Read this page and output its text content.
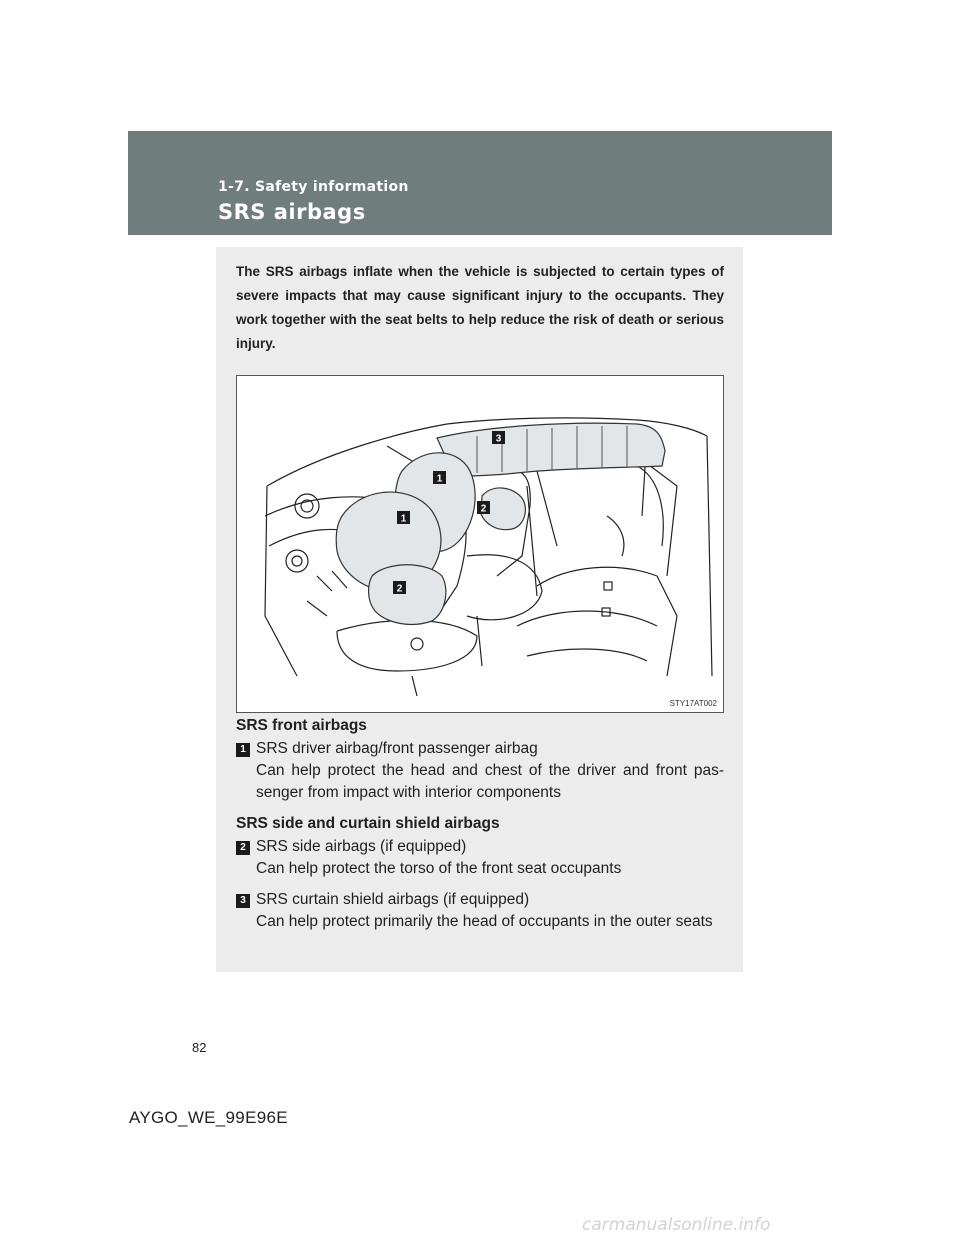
1-7. Safety information
SRS airbags
The SRS airbags inflate when the vehicle is subjected to certain types of severe impacts that may cause significant injury to the occupants. They work together with the seat belts to help reduce the risk of death or serious injury.
3
1
2
1
2
STY17AT002
SRS front airbags
1 SRS driver airbag/front passenger airbag
Can help protect the head and chest of the driver and front pas-senger from impact with interior components
SRS side and curtain shield airbags
2 SRS side airbags (if equipped)
Can help protect the torso of the front seat occupants
3 SRS curtain shield airbags (if equipped)
Can help protect primarily the head of occupants in the outer seats
82
AYGO_WE_99E96E
carmanualsonline.info
